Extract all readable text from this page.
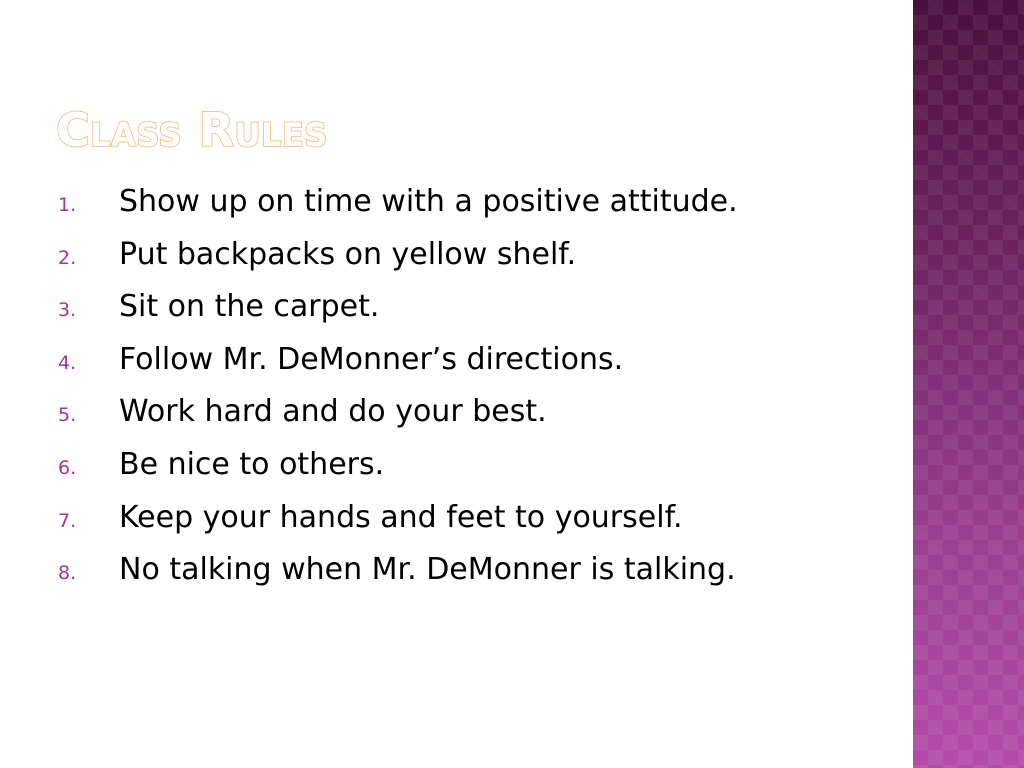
Class Rules
1.	Show up on time with a positive attitude.
2.	Put backpacks on yellow shelf.
3.	Sit on the carpet.
4.	Follow Mr. DeMonner’s directions.
5.	Work hard and do your best.
6.	Be nice to others.
7.	Keep your hands and feet to yourself.
8.	No talking when Mr. DeMonner is talking.
